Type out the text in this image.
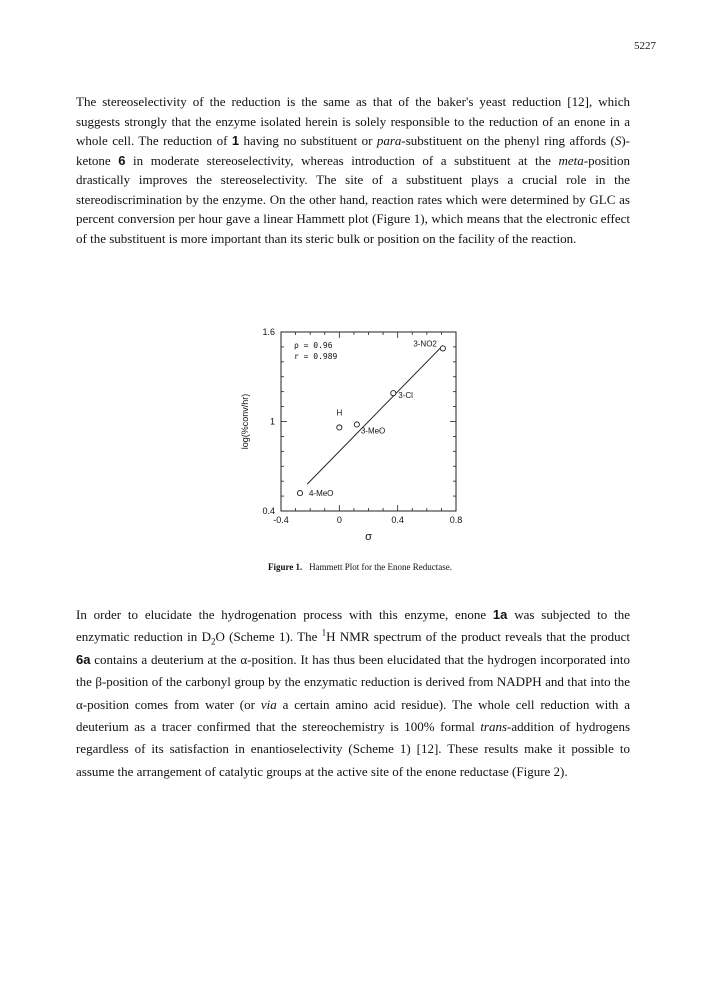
5227

The stereoselectivity of the reduction is the same as that of the baker's yeast reduction [12], which suggests strongly that the enzyme isolated herein is solely responsible to the reduction of an enone in a whole cell. The reduction of 1 having no substituent or para-substituent on the phenyl ring affords (S)-ketone 6 in moderate stereoselectivity, whereas introduction of a substituent at the meta-position drastically improves the stereoselectivity. The site of a substituent plays a crucial role in the stereodiscrimination by the enzyme. On the other hand, reaction rates which were determined by GLC as percent conversion per hour gave a linear Hammett plot (Figure 1), which means that the electronic effect of the substituent is more important than its steric bulk or position on the facility of the reaction.

-0.4	0	0.4	0.8
0.4
1
1.6
σ
log(%conv/hr)
ρ = 0.96
r = 0.989
4-MeO
H
3-MeO
3-Cl
3-NO2
Figure 1. Hammett Plot for the Enone Reductase.

In order to elucidate the hydrogenation process with this enzyme, enone 1a was subjected to the enzymatic reduction in $D_2O$ (Scheme 1). The $^1$H NMR spectrum of the product reveals that the product 6a contains a deuterium at the α-position. It has thus been elucidated that the hydrogen incorporated into the β-position of the carbonyl group by the enzymatic reduction is derived from NADPH and that into the α-position comes from water (or via a certain amino acid residue). The whole cell reduction with a deuterium as a tracer confirmed that the stereochemistry is 100% formal trans-addition of hydrogens regardless of its satisfaction in enantioselectivity (Scheme 1) [12]. These results make it possible to assume the arrangement of catalytic groups at the active site of the enone reductase (Figure 2).
